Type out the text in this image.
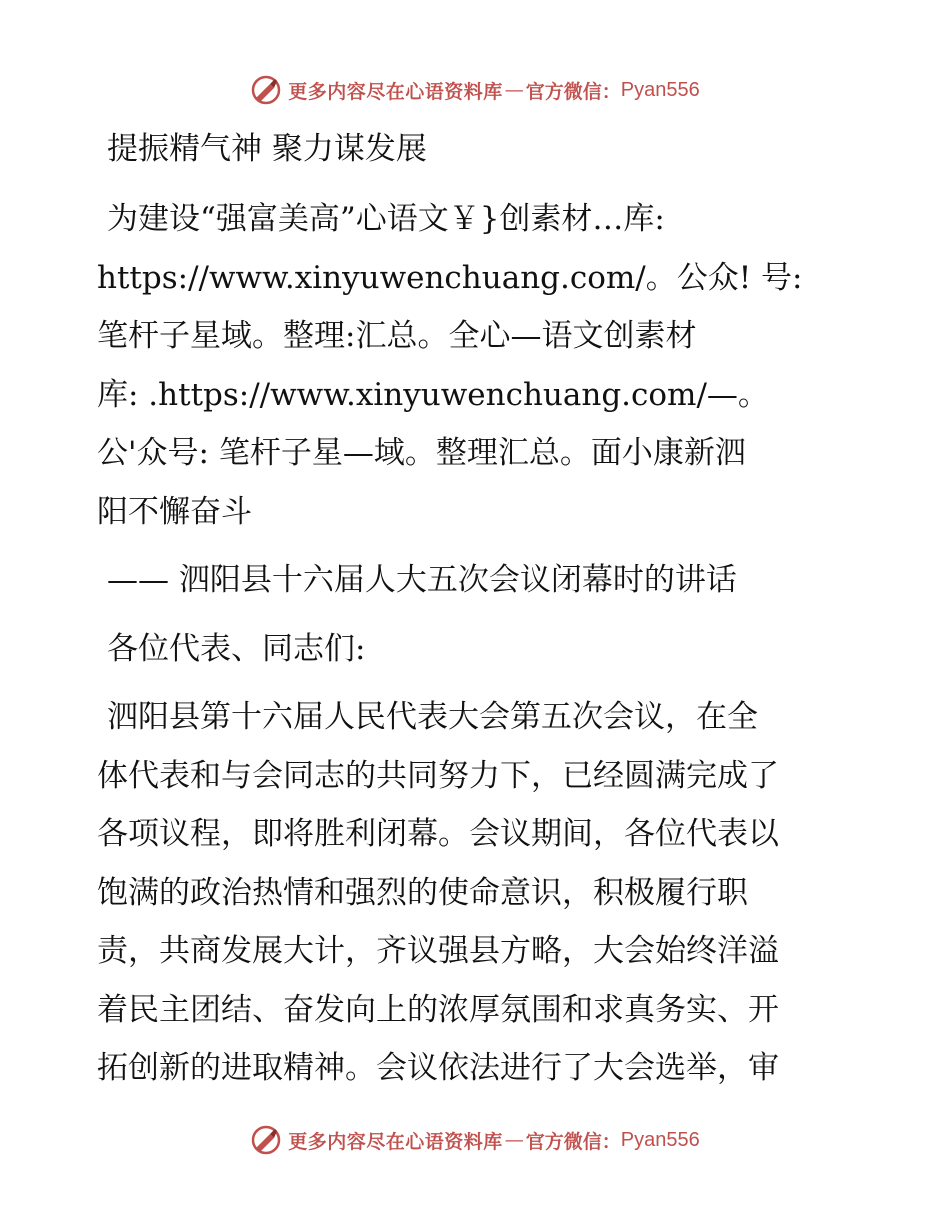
更多内容尽在心语资料库 — 官方微信： Pyan556

提振精气神 聚力谋发展

为建设“强富美高”心语文￥}创素材…库:

https://www.xinyuwenchuang.com/。公众! 号:

笔杆子星域。整理:汇总。全心—语文创素材

库: .https://www.xinyuwenchuang.com/—。

公'众号: 笔杆子星—域。整理汇总。面小康新泗

阳不懈奋斗

—— 泗阳县十六届人大五次会议闭幕时的讲话

各位代表、同志们:

泗阳县第十六届人民代表大会第五次会议，在全

体代表和与会同志的共同努力下，已经圆满完成了

各项议程，即将胜利闭幕。会议期间，各位代表以

饱满的政治热情和强烈的使命意识，积极履行职

责，共商发展大计，齐议强县方略，大会始终洋溢

着民主团结、奋发向上的浓厚氛围和求真务实、开

拓创新的进取精神。会议依法进行了大会选举，审

更多内容尽在心语资料库 — 官方微信： Pyan556
